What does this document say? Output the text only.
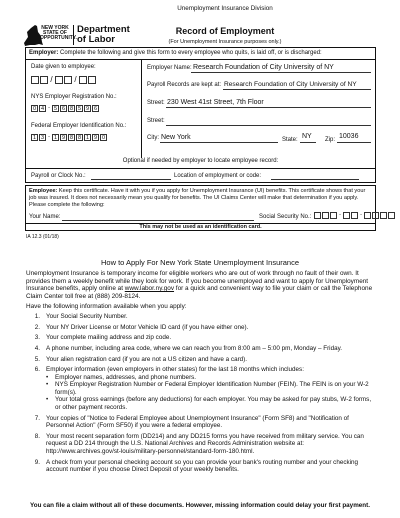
NEW YORK STATE OF OPPORTUNITY.
Department
of Labor
Unemployment Insurance Division
Record of Employment
(For Unemployment Insurance purposes only.)
Employer: Complete the following and give this form to every employee who quits, is laid off, or is discharged:
Date given to employee:
/	/
NYS Employer Registration No.:
0 4 - 5 6 8 5 9 6
Federal Employer Identification No.:
1 3 - 1 9 8 8 1 9 0
Employer Name: Research Foundation of City University of NY
Payroll Records are kept at: Research Foundation of City University of NY
Street: 230 West 41st Street, 7th Floor
Street:
City: New York	State: NY Zip: 10036
Optional if needed by employer to locate employee record:
Payroll or Clock No.:	Location of employment or code:
Employee: Keep this certificate. Have it with you if you apply for Unemployment Insurance (UI) benefits. This certificate shows that your job was insured. It does not necessarily mean you qualify for benefits. The UI Claims Center will make that determination if you apply. Please complete the following:
Your Name:	Social Security No.:	-	-
This may not be used as an identification card.
IA 12.3 (01/18)
How to Apply For New York State Unemployment Insurance
Unemployment Insurance is temporary income for eligible workers who are out of work through no fault of their own. It provides them a weekly benefit while they look for work. If you become unemployed and want to apply for Unemployment Insurance benefits, apply online at www.labor.ny.gov for a quick and convenient way to file your claim or call the Telephone Claim Center toll free at (888) 209-8124.
Have the following information available when you apply:
1. Your Social Security Number.
2. Your NY Driver License or Motor Vehicle ID card (if you have either one).
3. Your complete mailing address and zip code.
4. A phone number, including area code, where we can reach you from 8:00 am – 5:00 pm, Monday – Friday.
5. Your alien registration card (if you are not a US citizen and have a card).
6. Employer information (even employers in other states) for the last 18 months which includes:
•	Employer names, addresses, and phone numbers.
•	NYS Employer Registration Number or Federal Employer Identification Number (FEIN). The FEIN is on your W-2 form(s).
•	Your total gross earnings (before any deductions) for each employer. You may be asked for pay stubs, W-2 forms, or other payment records.
7. Your copies of "Notice to Federal Employee about Unemployment Insurance" (Form SF8) and "Notification of Personnel Action" (Form SF50) if you were a federal employee.
8. Your most recent separation form (DD214) and any DD215 forms you have received from military service. You can request a DD 214 through the U.S. National Archives and Records Administration website at: http://www.archives.gov/st-louis/military-personnel/standard-form-180.html.
9. A check from your personal checking account so you can provide your bank's routing number and your checking account number if you choose Direct Deposit of your weekly benefits.
You can file a claim without all of these documents. However, missing information could delay your first payment.
